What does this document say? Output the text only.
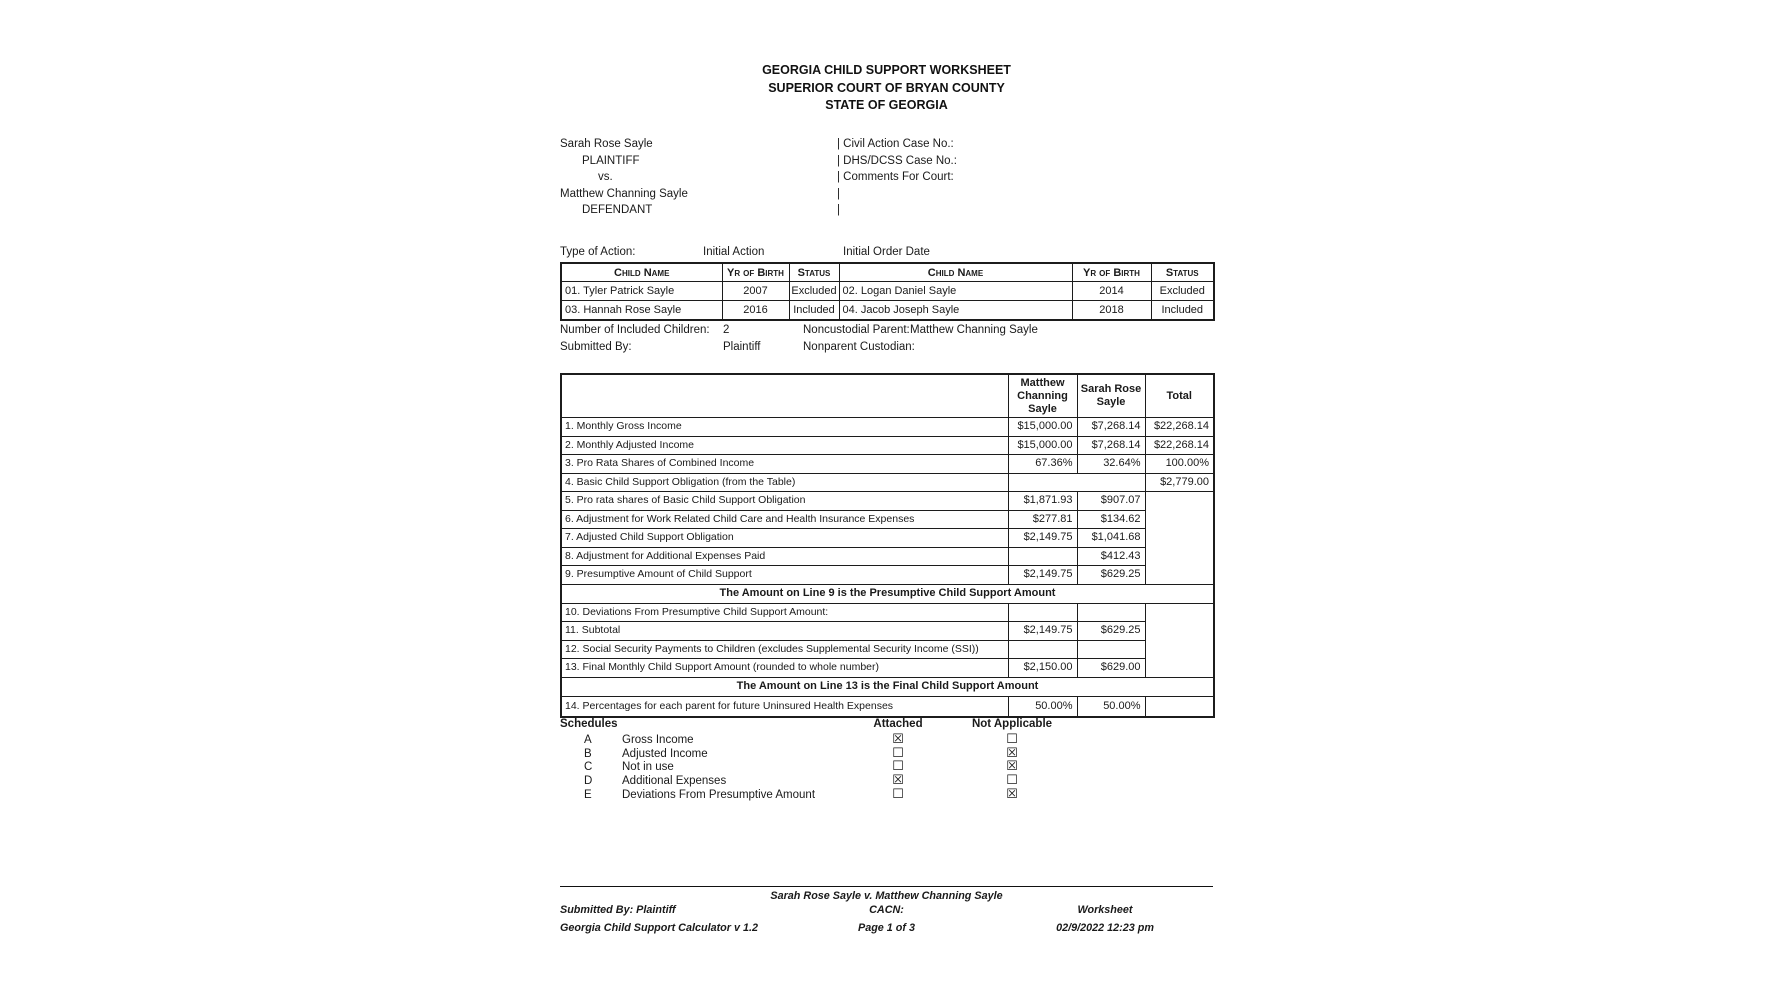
GEORGIA CHILD SUPPORT WORKSHEET
SUPERIOR COURT OF BRYAN COUNTY
STATE OF GEORGIA
Sarah Rose Sayle
PLAINTIFF
vs.
Matthew Channing Sayle
DEFENDANT
| Civil Action Case No.:
| DHS/DCSS Case No.:
| Comments For Court:
|
|
Type of Action:	Initial Action	Initial Order Date
Child Name	Yr of Birth	Status	Child Name	Yr of Birth	Status
01. Tyler Patrick Sayle	2007	Excluded	02. Logan Daniel Sayle	2014	Excluded
03. Hannah Rose Sayle	2016	Included	04. Jacob Joseph Sayle	2018	Included
Number of Included Children: 2	Noncustodial Parent: Matthew Channing Sayle
Submitted By:	Plaintiff	Nonparent Custodian:
	Matthew Channing Sayle	Sarah Rose Sayle	Total
1. Monthly Gross Income	$15,000.00	$7,268.14	$22,268.14
2. Monthly Adjusted Income	$15,000.00	$7,268.14	$22,268.14
3. Pro Rata Shares of Combined Income	67.36%	32.64%	100.00%
4. Basic Child Support Obligation (from the Table)			$2,779.00
5. Pro rata shares of Basic Child Support Obligation	$1,871.93	$907.07	
6. Adjustment for Work Related Child Care and Health Insurance Expenses	$277.81	$134.62	
7. Adjusted Child Support Obligation	$2,149.75	$1,041.68	
8. Adjustment for Additional Expenses Paid		$412.43	
9. Presumptive Amount of Child Support	$2,149.75	$629.25	
The Amount on Line 9 is the Presumptive Child Support Amount			
10. Deviations From Presumptive Child Support Amount:			
11. Subtotal	$2,149.75	$629.25	
12. Social Security Payments to Children (excludes Supplemental Security Income (SSI))			
13. Final Monthly Child Support Amount (rounded to whole number)	$2,150.00	$629.00	
The Amount on Line 13 is the Final Child Support Amount			
14. Percentages for each parent for future Uninsured Health Expenses	50.00%	50.00%	
Schedules	Attached	Not Applicable
A	Gross Income	☒	☐
B	Adjusted Income	☐	☒
C	Not in use	☐	☒
D	Additional Expenses	☒	☐
E	Deviations From Presumptive Amount	☐	☒
Sarah Rose Sayle v. Matthew Channing Sayle
Submitted By: Plaintiff	CACN:	Worksheet
Georgia Child Support Calculator v 1.2	Page 1 of 3	02/9/2022 12:23 pm
